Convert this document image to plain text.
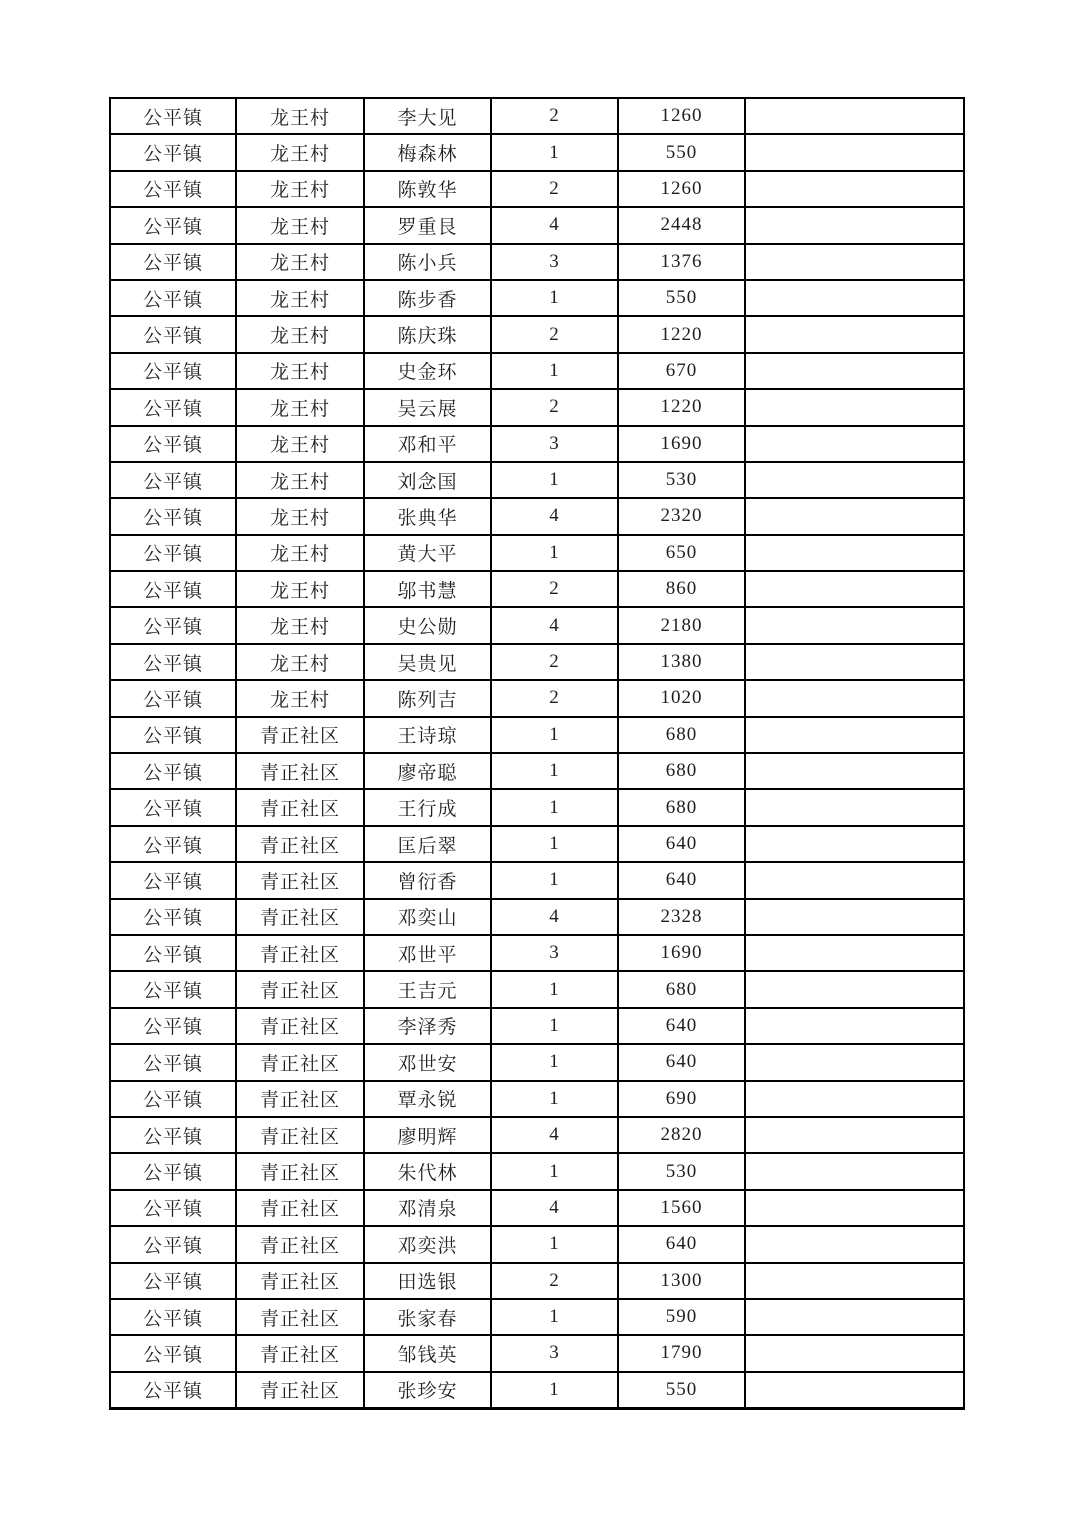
公平镇	龙王村	李大见	2	1260	
公平镇	龙王村	梅森林	1	550	
公平镇	龙王村	陈敦华	2	1260	
公平镇	龙王村	罗重艮	4	2448	
公平镇	龙王村	陈小兵	3	1376	
公平镇	龙王村	陈步香	1	550	
公平镇	龙王村	陈庆珠	2	1220	
公平镇	龙王村	史金环	1	670	
公平镇	龙王村	吴云展	2	1220	
公平镇	龙王村	邓和平	3	1690	
公平镇	龙王村	刘念国	1	530	
公平镇	龙王村	张典华	4	2320	
公平镇	龙王村	黄大平	1	650	
公平镇	龙王村	邬书慧	2	860	
公平镇	龙王村	史公勋	4	2180	
公平镇	龙王村	吴贵见	2	1380	
公平镇	龙王村	陈列吉	2	1020	
公平镇	青正社区	王诗琼	1	680	
公平镇	青正社区	廖帝聪	1	680	
公平镇	青正社区	王行成	1	680	
公平镇	青正社区	匡后翠	1	640	
公平镇	青正社区	曾衍香	1	640	
公平镇	青正社区	邓奕山	4	2328	
公平镇	青正社区	邓世平	3	1690	
公平镇	青正社区	王吉元	1	680	
公平镇	青正社区	李泽秀	1	640	
公平镇	青正社区	邓世安	1	640	
公平镇	青正社区	覃永锐	1	690	
公平镇	青正社区	廖明辉	4	2820	
公平镇	青正社区	朱代林	1	530	
公平镇	青正社区	邓清泉	4	1560	
公平镇	青正社区	邓奕洪	1	640	
公平镇	青正社区	田选银	2	1300	
公平镇	青正社区	张家春	1	590	
公平镇	青正社区	邹钱英	3	1790	
公平镇	青正社区	张珍安	1	550	
